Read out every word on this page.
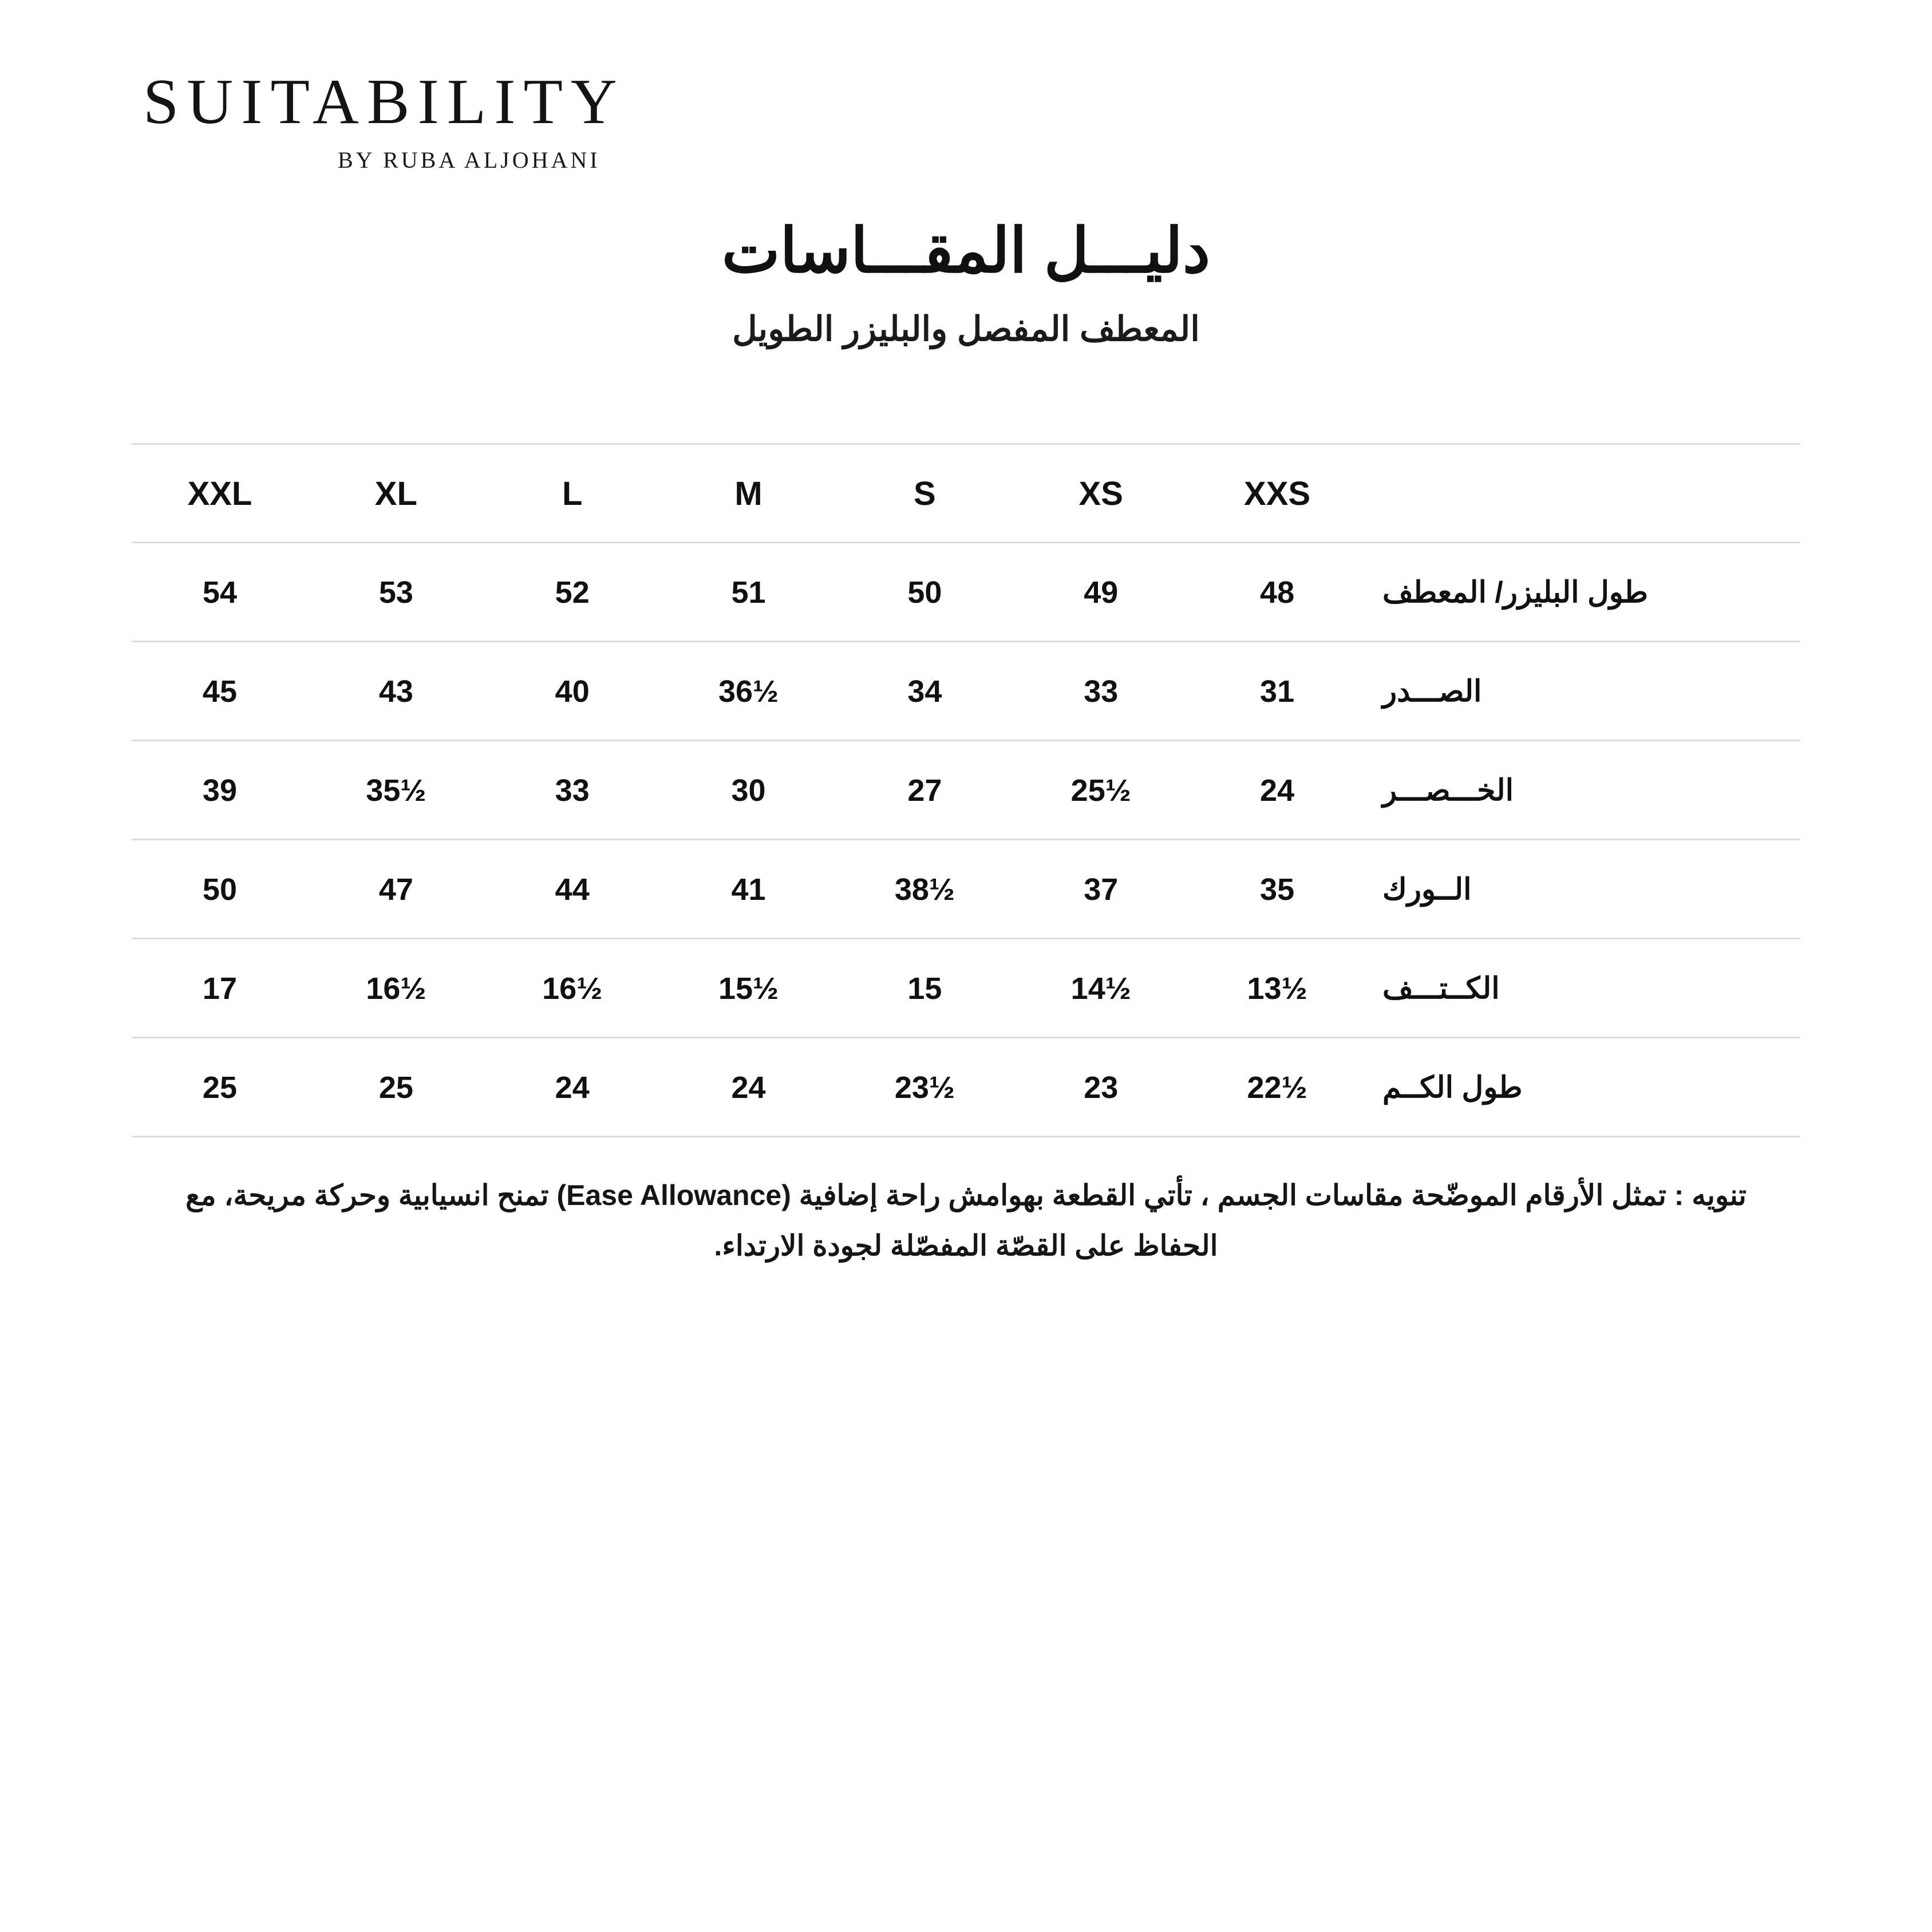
SUITABILITY
BY RUBA ALJOHANI
دليـــل المقـــاسات
المعطف المفصل والبليزر الطويل
	XXS	XS	S	M	L	XL	XXL
طول البليزر/ المعطف	48	49	50	51	52	53	54
الصـــدر	31	33	34	36½	40	43	45
الخـــصـــر	24	25½	27	30	33	35½	39
الــورك	35	37	38½	41	44	47	50
الكــتـــف	13½	14½	15	15½	16½	16½	17
طول الكــم	22½	23	23½	24	24	25	25
تنويه : تمثل الأرقام الموضّحة مقاسات الجسم ، تأتي القطعة بهوامش راحة إضافية (Ease Allowance) تمنح انسيابية وحركة مريحة، مع الحفاظ على القصّة المفصّلة لجودة الارتداء.
